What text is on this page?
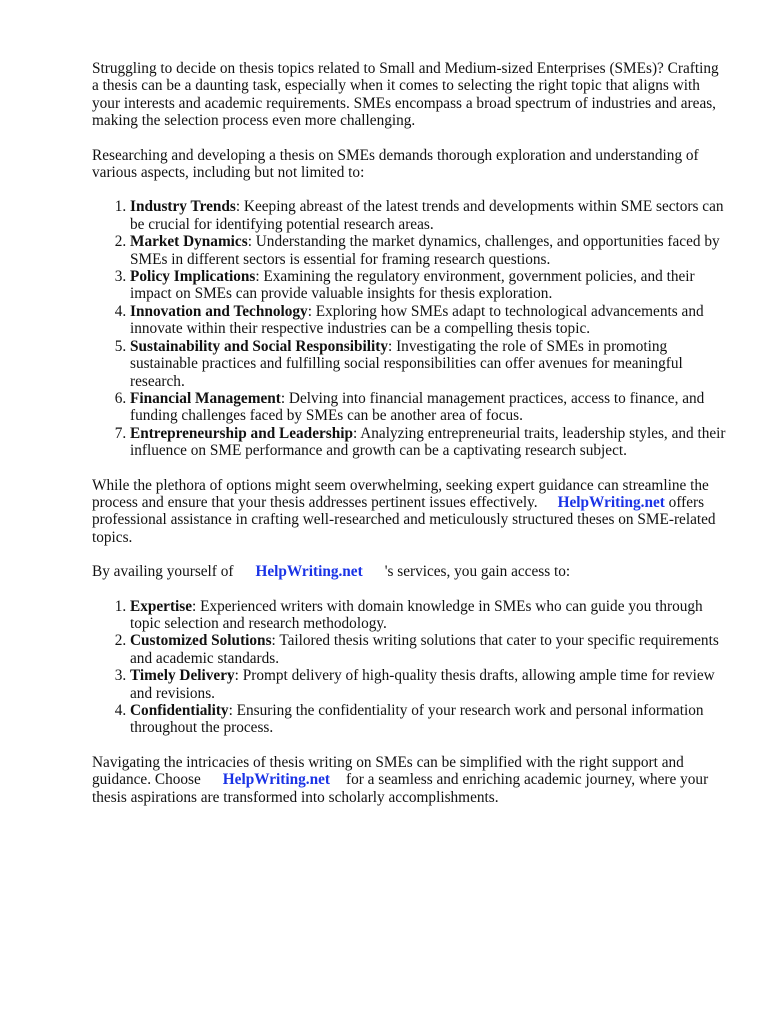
Struggling to decide on thesis topics related to Small and Medium-sized Enterprises (SMEs)? Crafting a thesis can be a daunting task, especially when it comes to selecting the right topic that aligns with your interests and academic requirements. SMEs encompass a broad spectrum of industries and areas, making the selection process even more challenging.

Researching and developing a thesis on SMEs demands thorough exploration and understanding of various aspects, including but not limited to:

1. Industry Trends: Keeping abreast of the latest trends and developments within SME sectors can be crucial for identifying potential research areas.
2. Market Dynamics: Understanding the market dynamics, challenges, and opportunities faced by SMEs in different sectors is essential for framing research questions.
3. Policy Implications: Examining the regulatory environment, government policies, and their impact on SMEs can provide valuable insights for thesis exploration.
4. Innovation and Technology: Exploring how SMEs adapt to technological advancements and innovate within their respective industries can be a compelling thesis topic.
5. Sustainability and Social Responsibility: Investigating the role of SMEs in promoting sustainable practices and fulfilling social responsibilities can offer avenues for meaningful research.
6. Financial Management: Delving into financial management practices, access to finance, and funding challenges faced by SMEs can be another area of focus.
7. Entrepreneurship and Leadership: Analyzing entrepreneurial traits, leadership styles, and their influence on SME performance and growth can be a captivating research subject.

While the plethora of options might seem overwhelming, seeking expert guidance can streamline the process and ensure that your thesis addresses pertinent issues effectively. HelpWriting.net offers professional assistance in crafting well-researched and meticulously structured theses on SME-related topics.

By availing yourself of HelpWriting.net 's services, you gain access to:

1. Expertise: Experienced writers with domain knowledge in SMEs who can guide you through topic selection and research methodology.
2. Customized Solutions: Tailored thesis writing solutions that cater to your specific requirements and academic standards.
3. Timely Delivery: Prompt delivery of high-quality thesis drafts, allowing ample time for review and revisions.
4. Confidentiality: Ensuring the confidentiality of your research work and personal information throughout the process.

Navigating the intricacies of thesis writing on SMEs can be simplified with the right support and guidance. Choose HelpWriting.net for a seamless and enriching academic journey, where your thesis aspirations are transformed into scholarly accomplishments.
